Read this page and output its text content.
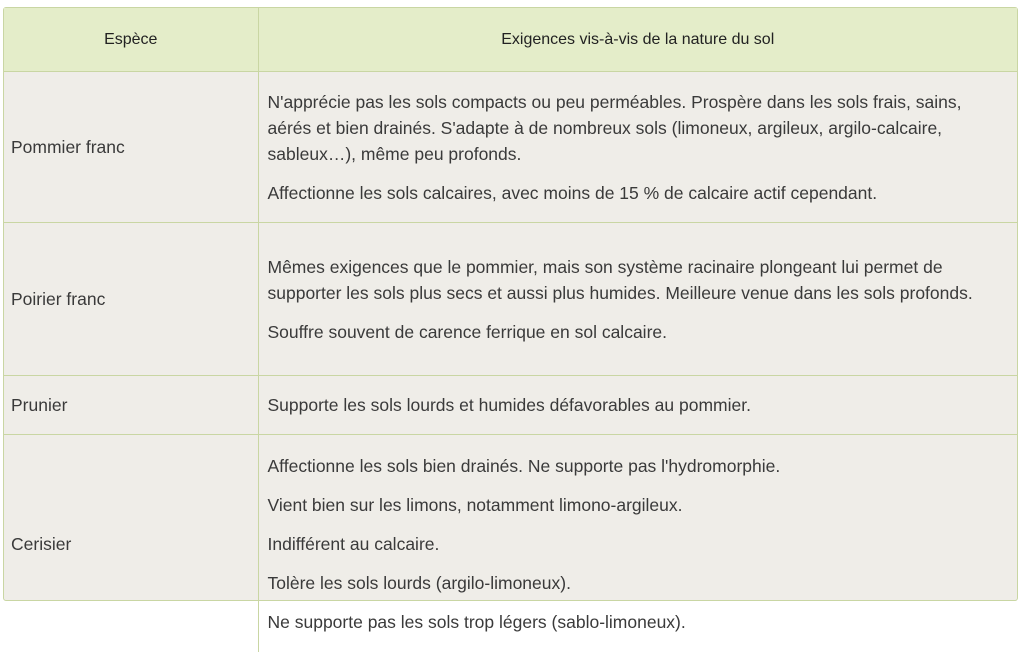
Espèce	Exigences vis-à-vis de la nature du sol
Pommier franc	N'apprécie pas les sols compacts ou peu perméables. Prospère dans les sols frais, sains, aérés et bien drainés. S'adapte à de nombreux sols (limoneux, argileux, argilo-calcaire, sableux…), même peu profonds.

Affectionne les sols calcaires, avec moins de 15 % de calcaire actif cependant.

Poirier franc	Mêmes exigences que le pommier, mais son système racinaire plongeant lui permet de supporter les sols plus secs et aussi plus humides. Meilleure venue dans les sols profonds.

Souffre souvent de carence ferrique en sol calcaire.

Prunier	Supporte les sols lourds et humides défavorables au pommier.

Cerisier	Affectionne les sols bien drainés. Ne supporte pas l'hydromorphie.

Vient bien sur les limons, notamment limono-argileux.

Indifférent au calcaire.

Tolère les sols lourds (argilo-limoneux).

Ne supporte pas les sols trop légers (sablo-limoneux).
